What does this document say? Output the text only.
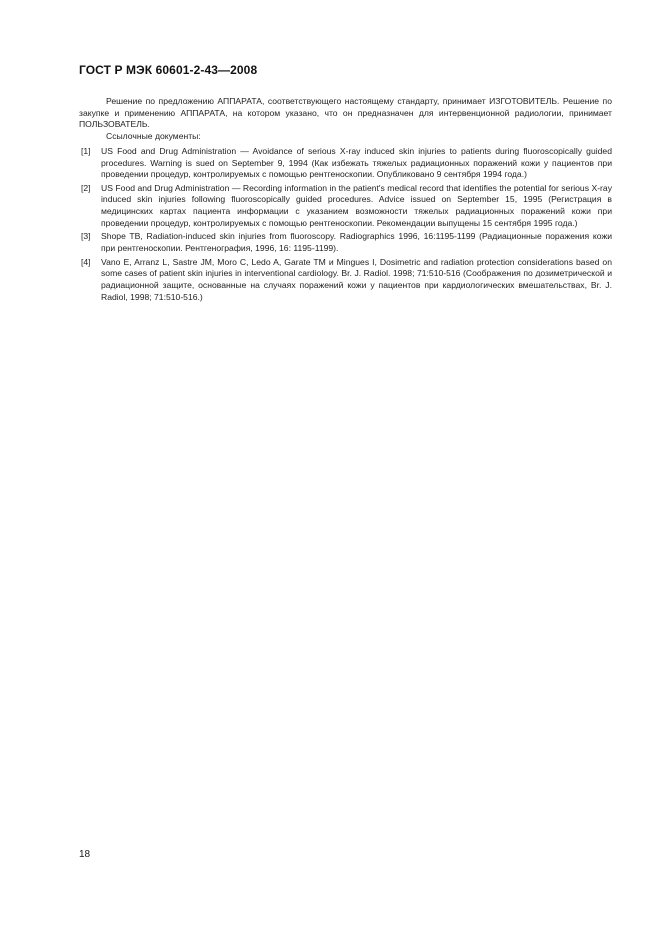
ГОСТ Р МЭК 60601-2-43—2008

Решение по предложению АППАРАТА, соответствующего настоящему стандарту, принимает ИЗГОТОВИТЕЛЬ. Решение по закупке и применению АППАРАТА, на котором указано, что он предназначен для интервенционной радиологии, принимает ПОЛЬЗОВАТЕЛЬ.

Ссылочные документы:

[1]	US Food and Drug Administration — Avoidance of serious X-ray induced skin injuries to patients during fluoroscopically guided procedures. Warning is sued on September 9, 1994 (Как избежать тяжелых радиационных поражений кожи у пациентов при проведении процедур, контролируемых с помощью рентгеноскопии. Опубликовано 9 сентября 1994 года.)
[2]	US Food and Drug Administration — Recording information in the patient's medical record that identifies the potential for serious X-ray induced skin injuries following fluoroscopically guided procedures. Advice issued on September 15, 1995 (Регистрация в медицинских картах пациента информации с указанием возможности тяжелых радиационных поражений кожи при проведении процедур, контролируемых с помощью рентгеноскопии. Рекомендации выпущены 15 сентября 1995 года.)
[3]	Shope TB, Radiation-induced skin injuries from fluoroscopy. Radiographics 1996, 16:1195-1199 (Радиационные поражения кожи при рентгеноскопии. Рентгенография, 1996, 16: 1195-1199).
[4]	Vano E, Arranz L, Sastre JM, Moro C, Ledo A, Garate TM и Mingues I, Dosimetric and radiation protection considerations based on some cases of patient skin injuries in interventional cardiology. Br. J. Radiol. 1998; 71:510-516 (Соображения по дозиметрической и радиационной защите, основанные на случаях поражений кожи у пациентов при кардиологических вмешательствах, Br. J. Radiol, 1998; 71:510-516.)
18
